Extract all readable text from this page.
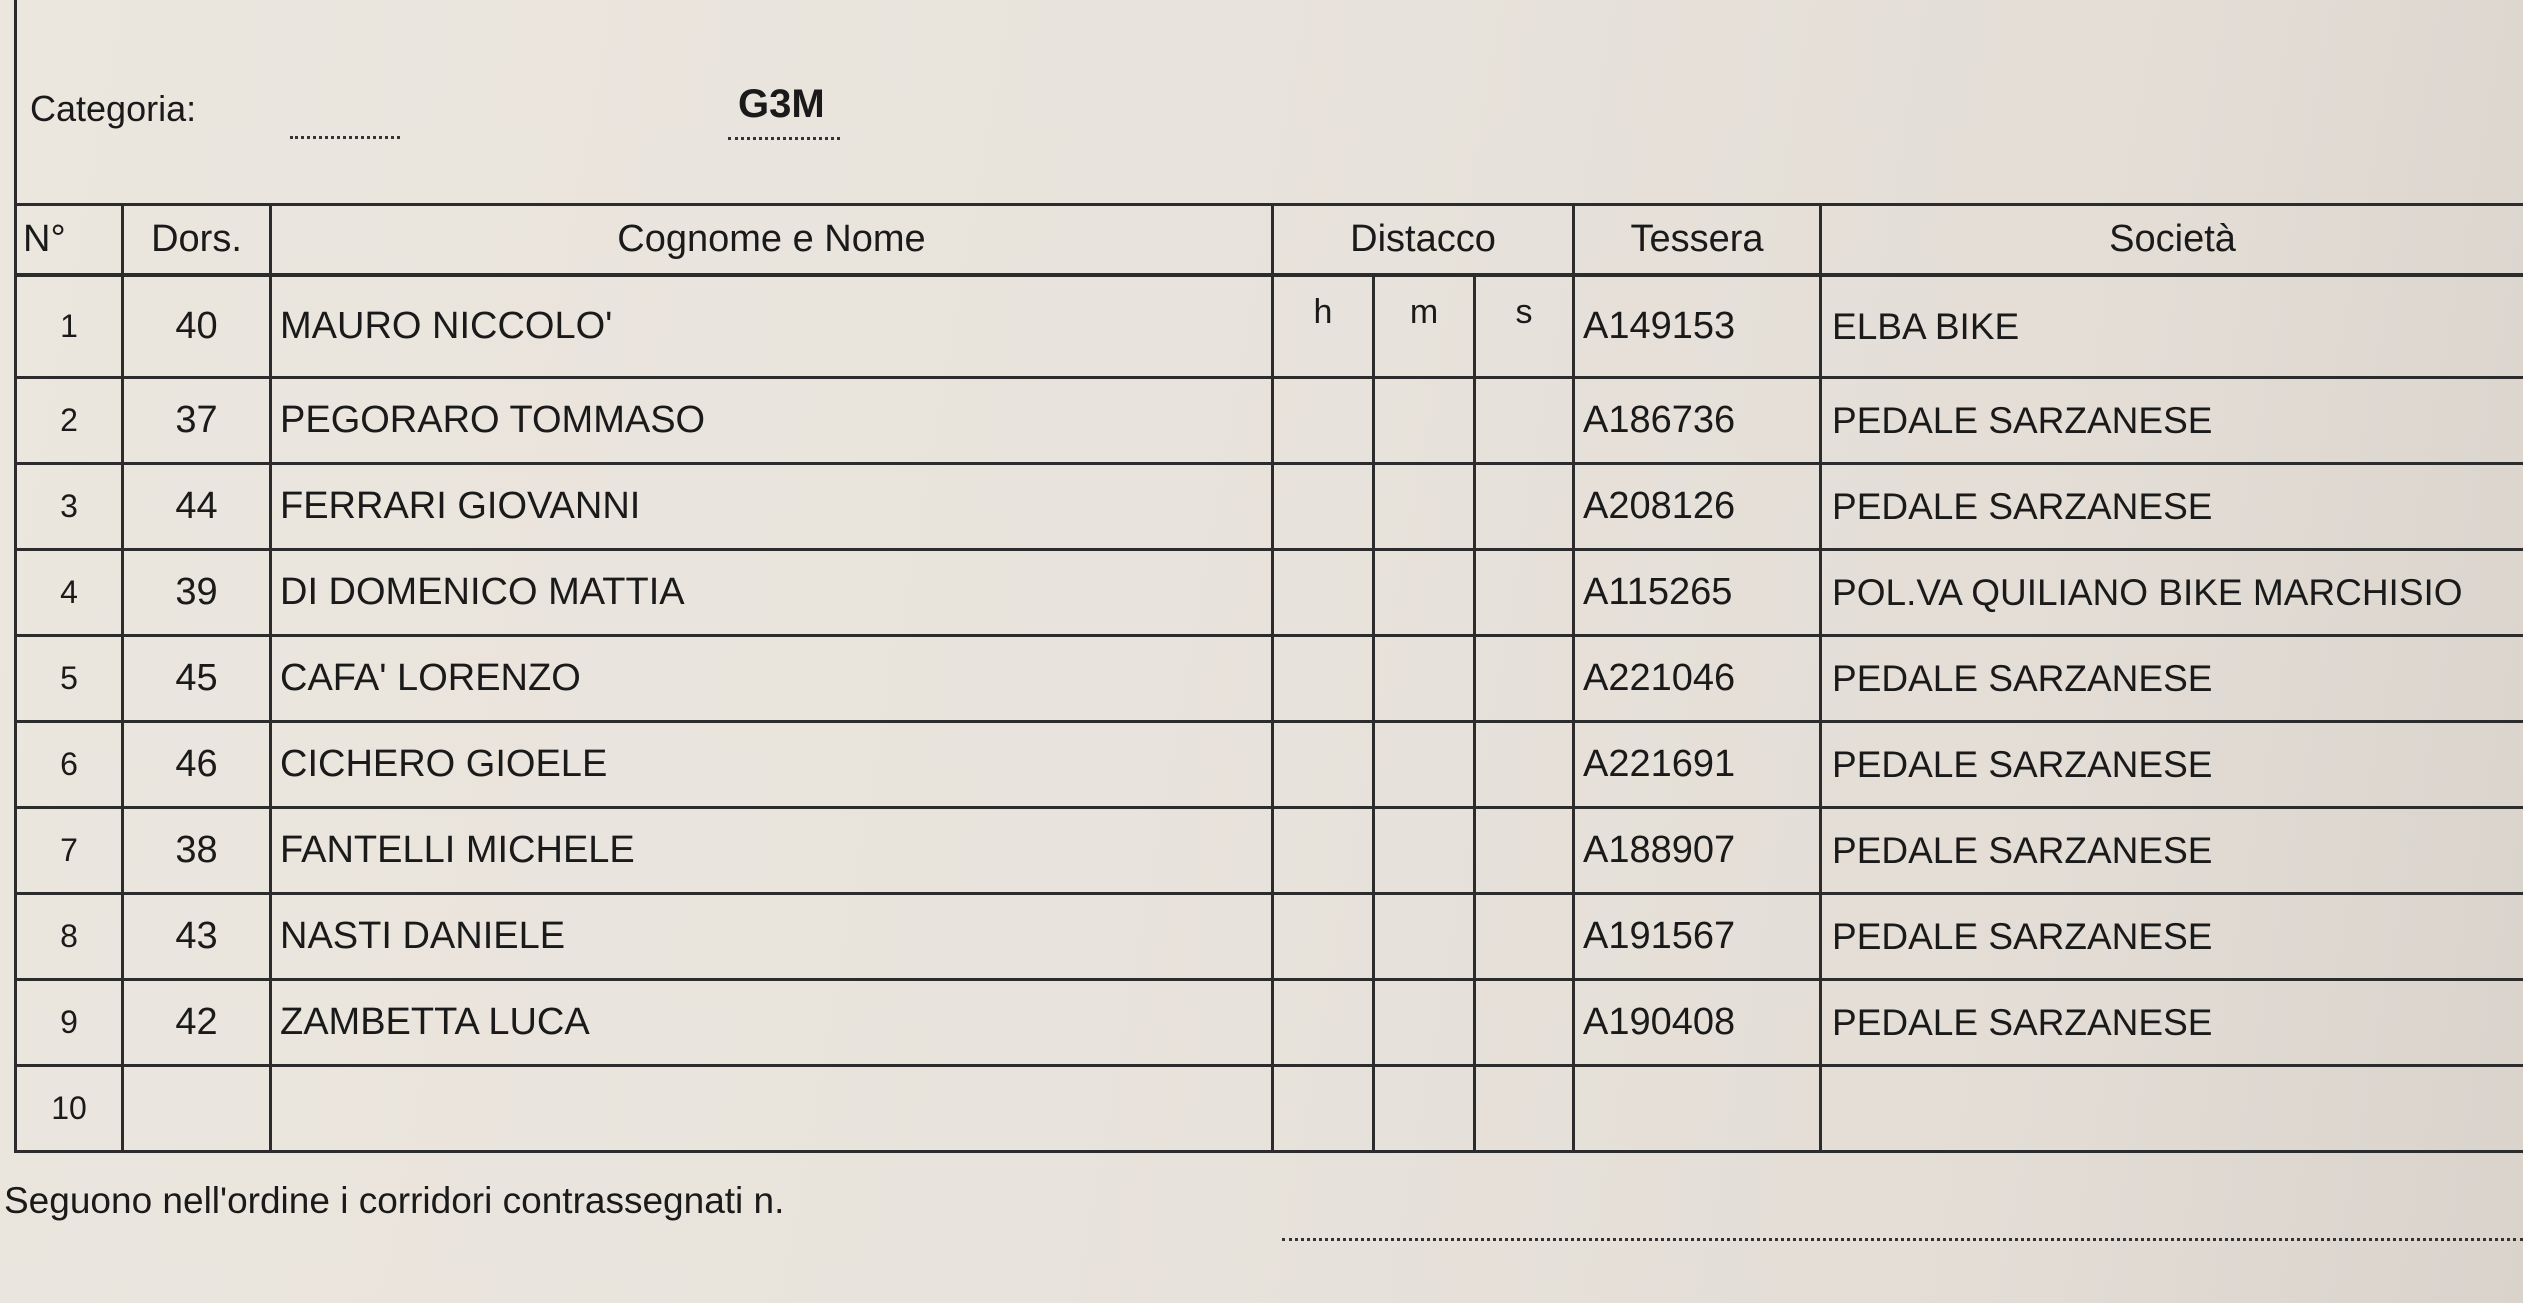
Categoria:	G3M
N°	Dors.	Cognome e Nome	Distacco			Tessera	Società
1	40	MAURO NICCOLO'	h	m	s	A149153	ELBA BIKE
2	37	PEGORARO TOMMASO				A186736	PEDALE SARZANESE
3	44	FERRARI GIOVANNI				A208126	PEDALE SARZANESE
4	39	DI DOMENICO MATTIA				A115265	POL.VA QUILIANO BIKE MARCHISIO
5	45	CAFA' LORENZO				A221046	PEDALE SARZANESE
6	46	CICHERO GIOELE				A221691	PEDALE SARZANESE
7	38	FANTELLI MICHELE				A188907	PEDALE SARZANESE
8	43	NASTI DANIELE				A191567	PEDALE SARZANESE
9	42	ZAMBETTA LUCA				A190408	PEDALE SARZANESE
10							
Seguono nell'ordine i corridori contrassegnati n.
